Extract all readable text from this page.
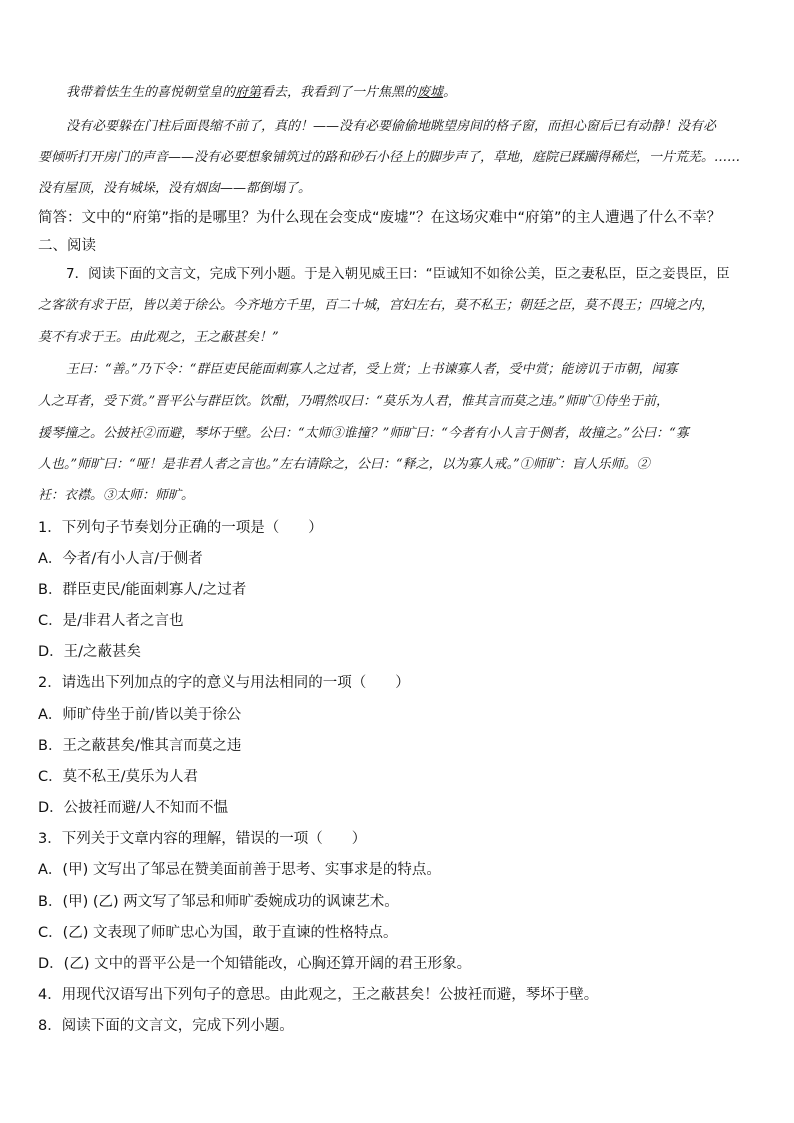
我带着怯生生的喜悦朝堂皇的府第看去，我看到了一片焦黑的废墟。
没有必要躲在门柱后面畏缩不前了，真的！——没有必要偷偷地眺望房间的格子窗，而担心窗后已有动静！没有必
要倾听打开房门的声音——没有必要想象铺筑过的路和砂石小径上的脚步声了，草地，庭院已蹂躏得稀烂，一片荒芜。……
没有屋顶，没有城垛，没有烟囱——都倒塌了。
简答：文中的“府第”指的是哪里？为什么现在会变成“废墟”？在这场灾难中“府第”的主人遭遇了什么不幸？
二、阅读
7．阅读下面的文言文，完成下列小题。于是入朝见威王曰：“臣诚知不如徐公美，臣之妻私臣，臣之妾畏臣，臣
之客欲有求于臣，皆以美于徐公。今齐地方千里，百二十城，宫妇左右，莫不私王；朝廷之臣，莫不畏王；四境之内，
莫不有求于王。由此观之，王之蔽甚矣！”
王曰：“善。”乃下令：“群臣吏民能面刺寡人之过者，受上赏；上书谏寡人者，受中赏；能谤讥于市朝，闻寡
人之耳者，受下赏。”晋平公与群臣饮。饮酣，乃喟然叹曰：“莫乐为人君，惟其言而莫之违。”师旷①侍坐于前，
援琴撞之。公披衽②而避，琴坏于壁。公曰：“太师③谁撞？”师旷曰：“今者有小人言于侧者，故撞之。”公曰：“寡
人也。”师旷曰：“哑！是非君人者之言也。”左右请除之，公曰：“释之，以为寡人戒。”①师旷：盲人乐师。②
衽：衣襟。③太师：师旷。
1．下列句子节奏划分正确的一项是（　　）
A．今者/有小人言/于侧者
B．群臣吏民/能面刺寡人/之过者
C．是/非君人者之言也
D．王/之蔽甚矣
2．请选出下列加点的字的意义与用法相同的一项（　　）
A．师旷侍坐于前/皆以美于徐公
B．王之蔽甚矣/惟其言而莫之违
C．莫不私王/莫乐为人君
D．公披衽而避/人不知而不愠
3．下列关于文章内容的理解，错误的一项（　　）
A．(甲) 文写出了邹忌在赞美面前善于思考、实事求是的特点。
B．(甲) (乙) 两文写了邹忌和师旷委婉成功的讽谏艺术。
C．(乙) 文表现了师旷忠心为国，敢于直谏的性格特点。
D．(乙) 文中的晋平公是一个知错能改，心胸还算开阔的君王形象。
4．用现代汉语写出下列句子的意思。由此观之，王之蔽甚矣！公披衽而避，琴坏于壁。
8．阅读下面的文言文，完成下列小题。
